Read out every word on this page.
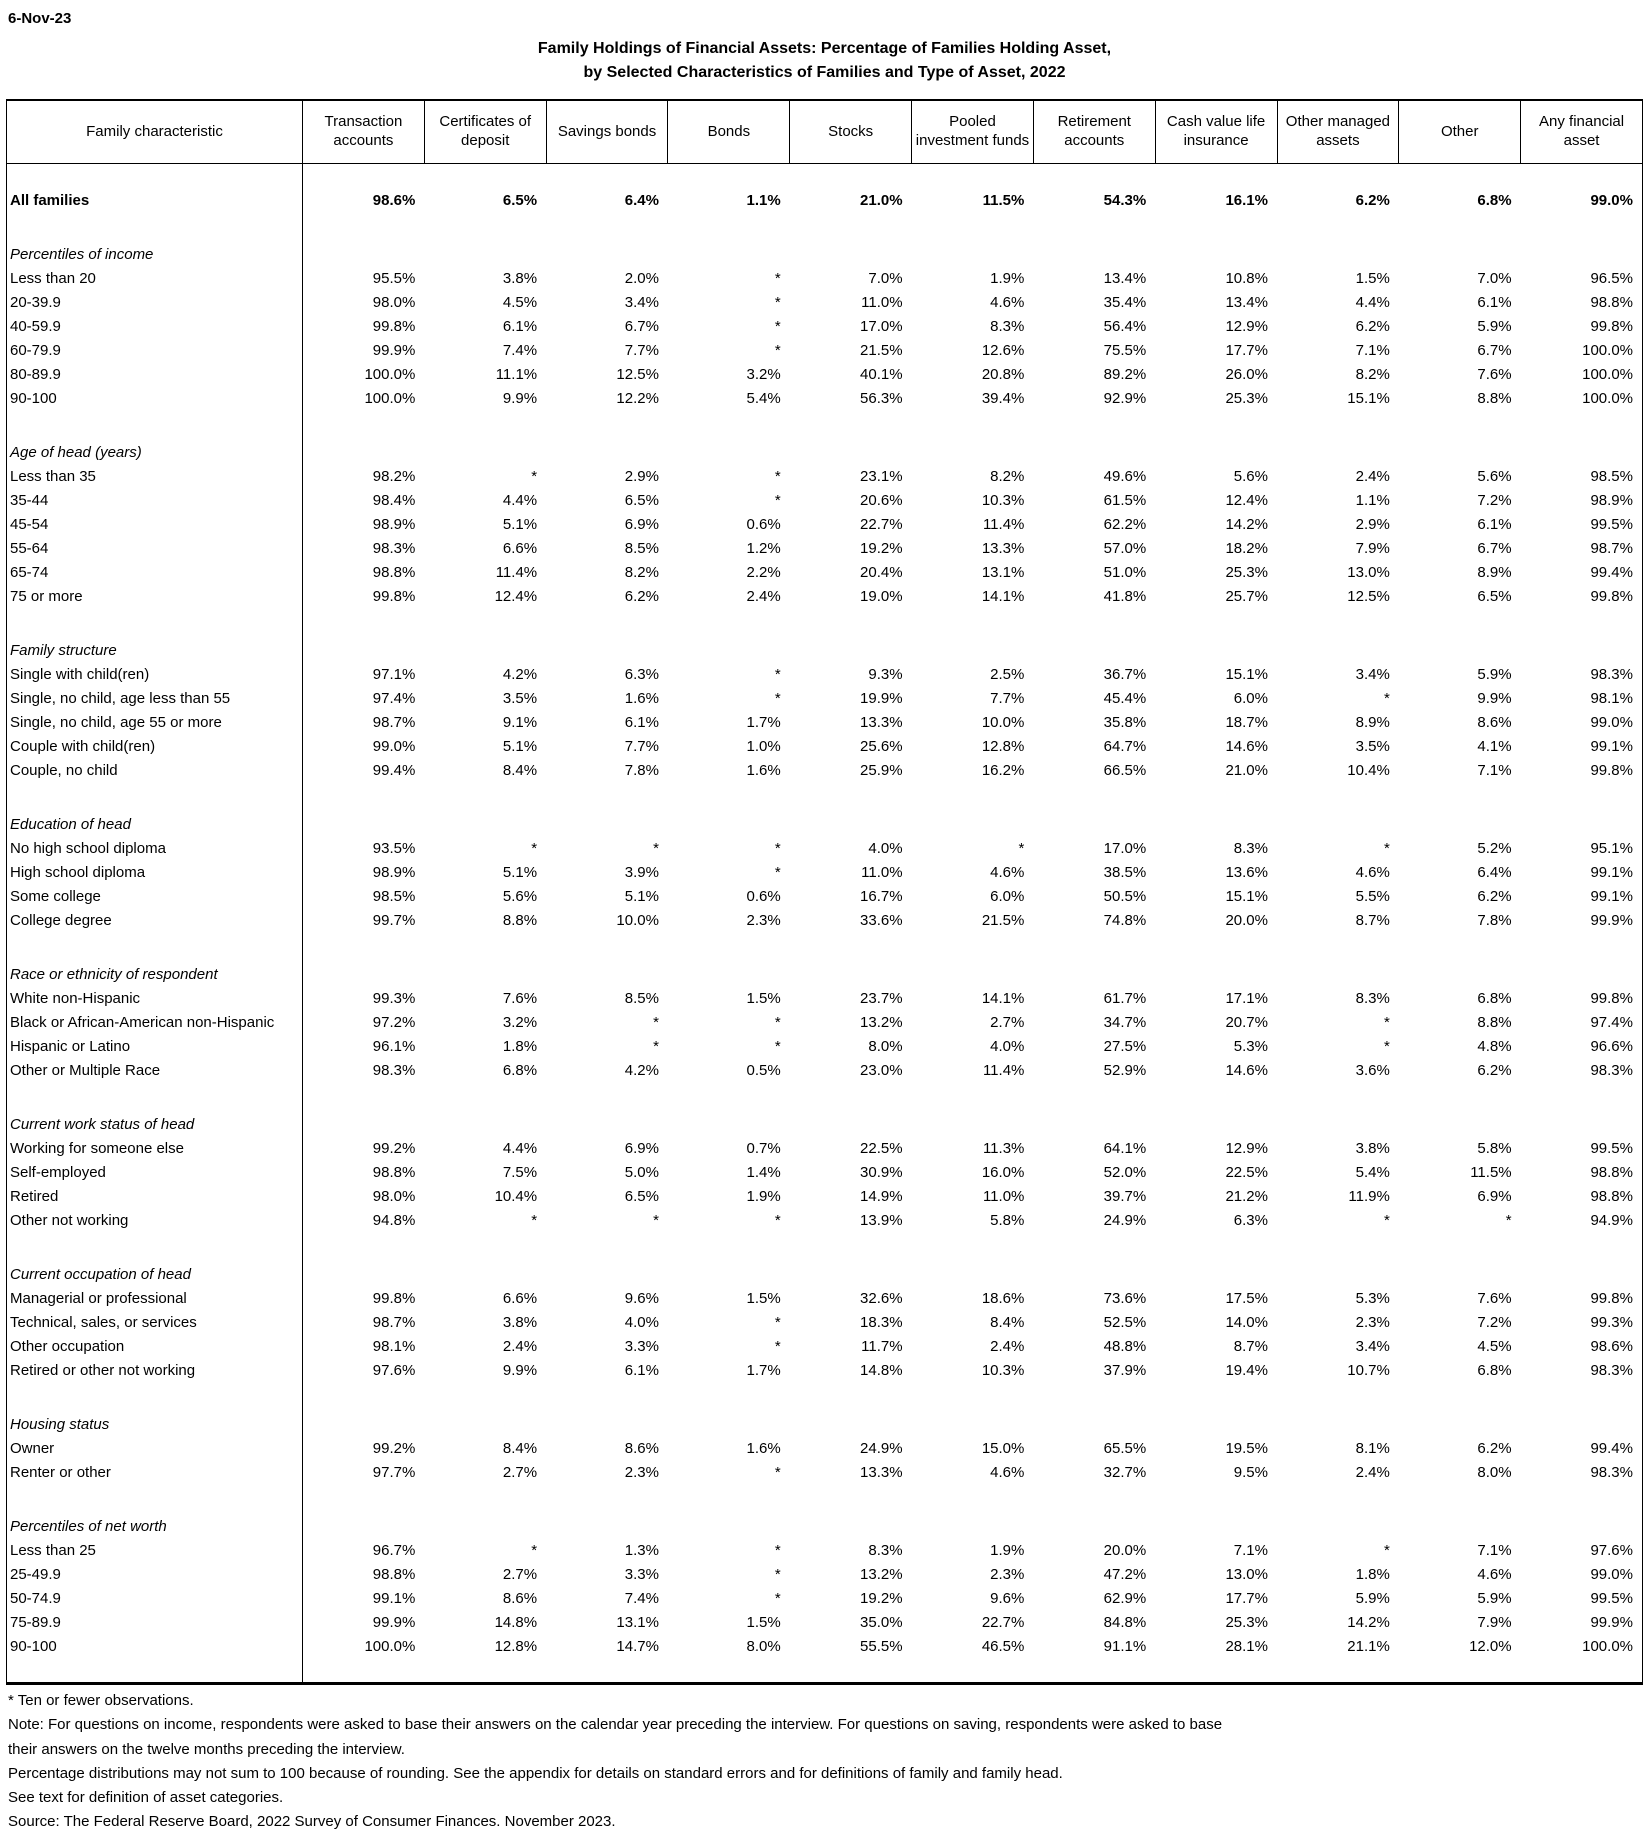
6-Nov-23
Family Holdings of Financial Assets: Percentage of Families Holding Asset,
by Selected Characteristics of Families and Type of Asset, 2022
Family characteristic	Transaction accounts	Certificates of deposit	Savings bonds	Bonds	Stocks	Pooled investment funds	Retirement accounts	Cash value life insurance	Other managed assets	Other	Any financial asset

All families	98.6%	6.5%	6.4%	1.1%	21.0%	11.5%	54.3%	16.1%	6.2%	6.8%	99.0%

Percentiles of income											
Less than 20	95.5%	3.8%	2.0%	*	7.0%	1.9%	13.4%	10.8%	1.5%	7.0%	96.5%
20-39.9	98.0%	4.5%	3.4%	*	11.0%	4.6%	35.4%	13.4%	4.4%	6.1%	98.8%
40-59.9	99.8%	6.1%	6.7%	*	17.0%	8.3%	56.4%	12.9%	6.2%	5.9%	99.8%
60-79.9	99.9%	7.4%	7.7%	*	21.5%	12.6%	75.5%	17.7%	7.1%	6.7%	100.0%
80-89.9	100.0%	11.1%	12.5%	3.2%	40.1%	20.8%	89.2%	26.0%	8.2%	7.6%	100.0%
90-100	100.0%	9.9%	12.2%	5.4%	56.3%	39.4%	92.9%	25.3%	15.1%	8.8%	100.0%

Age of head (years)											
Less than 35	98.2%	*	2.9%	*	23.1%	8.2%	49.6%	5.6%	2.4%	5.6%	98.5%
35-44	98.4%	4.4%	6.5%	*	20.6%	10.3%	61.5%	12.4%	1.1%	7.2%	98.9%
45-54	98.9%	5.1%	6.9%	0.6%	22.7%	11.4%	62.2%	14.2%	2.9%	6.1%	99.5%
55-64	98.3%	6.6%	8.5%	1.2%	19.2%	13.3%	57.0%	18.2%	7.9%	6.7%	98.7%
65-74	98.8%	11.4%	8.2%	2.2%	20.4%	13.1%	51.0%	25.3%	13.0%	8.9%	99.4%
75 or more	99.8%	12.4%	6.2%	2.4%	19.0%	14.1%	41.8%	25.7%	12.5%	6.5%	99.8%

Family structure											
Single with child(ren)	97.1%	4.2%	6.3%	*	9.3%	2.5%	36.7%	15.1%	3.4%	5.9%	98.3%
Single, no child, age less than 55	97.4%	3.5%	1.6%	*	19.9%	7.7%	45.4%	6.0%	*	9.9%	98.1%
Single, no child, age 55 or more	98.7%	9.1%	6.1%	1.7%	13.3%	10.0%	35.8%	18.7%	8.9%	8.6%	99.0%
Couple with child(ren)	99.0%	5.1%	7.7%	1.0%	25.6%	12.8%	64.7%	14.6%	3.5%	4.1%	99.1%
Couple, no child	99.4%	8.4%	7.8%	1.6%	25.9%	16.2%	66.5%	21.0%	10.4%	7.1%	99.8%

Education of head											
No high school diploma	93.5%	*	*	*	4.0%	*	17.0%	8.3%	*	5.2%	95.1%
High school diploma	98.9%	5.1%	3.9%	*	11.0%	4.6%	38.5%	13.6%	4.6%	6.4%	99.1%
Some college	98.5%	5.6%	5.1%	0.6%	16.7%	6.0%	50.5%	15.1%	5.5%	6.2%	99.1%
College degree	99.7%	8.8%	10.0%	2.3%	33.6%	21.5%	74.8%	20.0%	8.7%	7.8%	99.9%

Race or ethnicity of respondent											
White non-Hispanic	99.3%	7.6%	8.5%	1.5%	23.7%	14.1%	61.7%	17.1%	8.3%	6.8%	99.8%
Black or African-American non-Hispanic	97.2%	3.2%	*	*	13.2%	2.7%	34.7%	20.7%	*	8.8%	97.4%
Hispanic or Latino	96.1%	1.8%	*	*	8.0%	4.0%	27.5%	5.3%	*	4.8%	96.6%
Other or Multiple Race	98.3%	6.8%	4.2%	0.5%	23.0%	11.4%	52.9%	14.6%	3.6%	6.2%	98.3%

Current work status of head											
Working for someone else	99.2%	4.4%	6.9%	0.7%	22.5%	11.3%	64.1%	12.9%	3.8%	5.8%	99.5%
Self-employed	98.8%	7.5%	5.0%	1.4%	30.9%	16.0%	52.0%	22.5%	5.4%	11.5%	98.8%
Retired	98.0%	10.4%	6.5%	1.9%	14.9%	11.0%	39.7%	21.2%	11.9%	6.9%	98.8%
Other not working	94.8%	*	*	*	13.9%	5.8%	24.9%	6.3%	*	*	94.9%

Current occupation of head											
Managerial or professional	99.8%	6.6%	9.6%	1.5%	32.6%	18.6%	73.6%	17.5%	5.3%	7.6%	99.8%
Technical, sales, or services	98.7%	3.8%	4.0%	*	18.3%	8.4%	52.5%	14.0%	2.3%	7.2%	99.3%
Other occupation	98.1%	2.4%	3.3%	*	11.7%	2.4%	48.8%	8.7%	3.4%	4.5%	98.6%
Retired or other not working	97.6%	9.9%	6.1%	1.7%	14.8%	10.3%	37.9%	19.4%	10.7%	6.8%	98.3%

Housing status											
Owner	99.2%	8.4%	8.6%	1.6%	24.9%	15.0%	65.5%	19.5%	8.1%	6.2%	99.4%
Renter or other	97.7%	2.7%	2.3%	*	13.3%	4.6%	32.7%	9.5%	2.4%	8.0%	98.3%

Percentiles of net worth											
Less than 25	96.7%	*	1.3%	*	8.3%	1.9%	20.0%	7.1%	*	7.1%	97.6%
25-49.9	98.8%	2.7%	3.3%	*	13.2%	2.3%	47.2%	13.0%	1.8%	4.6%	99.0%
50-74.9	99.1%	8.6%	7.4%	*	19.2%	9.6%	62.9%	17.7%	5.9%	5.9%	99.5%
75-89.9	99.9%	14.8%	13.1%	1.5%	35.0%	22.7%	84.8%	25.3%	14.2%	7.9%	99.9%
90-100	100.0%	12.8%	14.7%	8.0%	55.5%	46.5%	91.1%	28.1%	21.1%	12.0%	100.0%

* Ten or fewer observations.
Note: For questions on income, respondents were asked to base their answers on the calendar year preceding the interview. For questions on saving, respondents were asked to base
their answers on the twelve months preceding the interview.
Percentage distributions may not sum to 100 because of rounding. See the appendix for details on standard errors and for definitions of family and family head.
See text for definition of asset categories.
Source: The Federal Reserve Board, 2022 Survey of Consumer Finances. November 2023.
